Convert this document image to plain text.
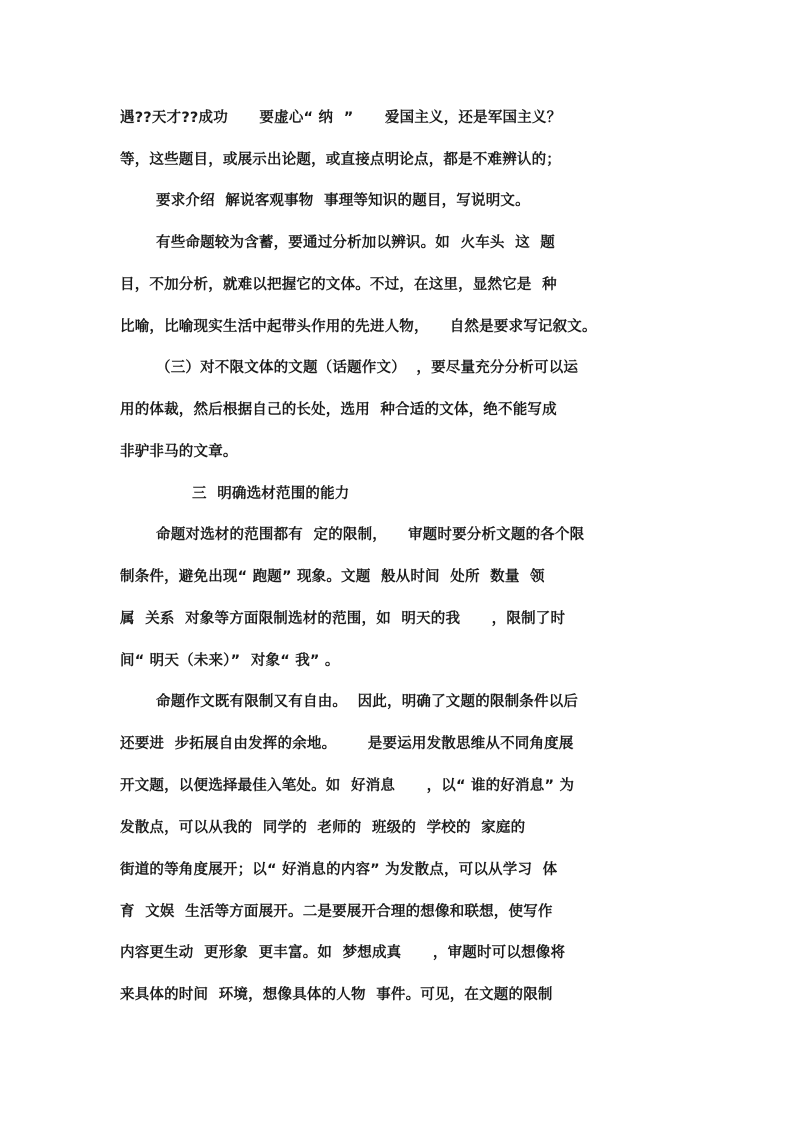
遇??天才??成功      要虚心“ 纳  ”      爱国主义，还是军国主义？
等，这些题目，或展示出论题，或直接点明论点，都是不难辨认的；
要求介绍  解说客观事物  事理等知识的题目，写说明文。
有些命题较为含蓄，要通过分析加以辨识。如  火车头  这  题
目，不加分析，就难以把握它的文体。不过，在这里，显然它是  种
比喻，比喻现实生活中起带头作用的先进人物，    自然是要求写记叙文。
（三）对不限文体的文题（话题作文）  ，要尽量充分分析可以运
用的体裁，然后根据自己的长处，选用  种合适的文体，绝不能写成
非驴非马的文章。
三  明确选材范围的能力
命题对选材的范围都有  定的限制，    审题时要分析文题的各个限
制条件，避免出现“ 跑题” 现象。文题  般从时间  处所  数量  领
属  关系  对象等方面限制选材的范围，如  明天的我      ，限制了时
间“ 明天（未来）”  对象“ 我” 。
命题作文既有限制又有自由。  因此，明确了文题的限制条件以后
还要进  步拓展自由发挥的余地。      是要运用发散思维从不同角度展
开文题，以便选择最佳入笔处。如  好消息      ，以“ 谁的好消息” 为
发散点，可以从我的  同学的  老师的  班级的  学校的  家庭的
街道的等角度展开；以“ 好消息的内容” 为发散点，可以从学习  体
育  文娱  生活等方面展开。二是要展开合理的想像和联想，使写作
内容更生动  更形象  更丰富。如  梦想成真      ，审题时可以想像将
来具体的时间  环境，想像具体的人物  事件。可见，在文题的限制
